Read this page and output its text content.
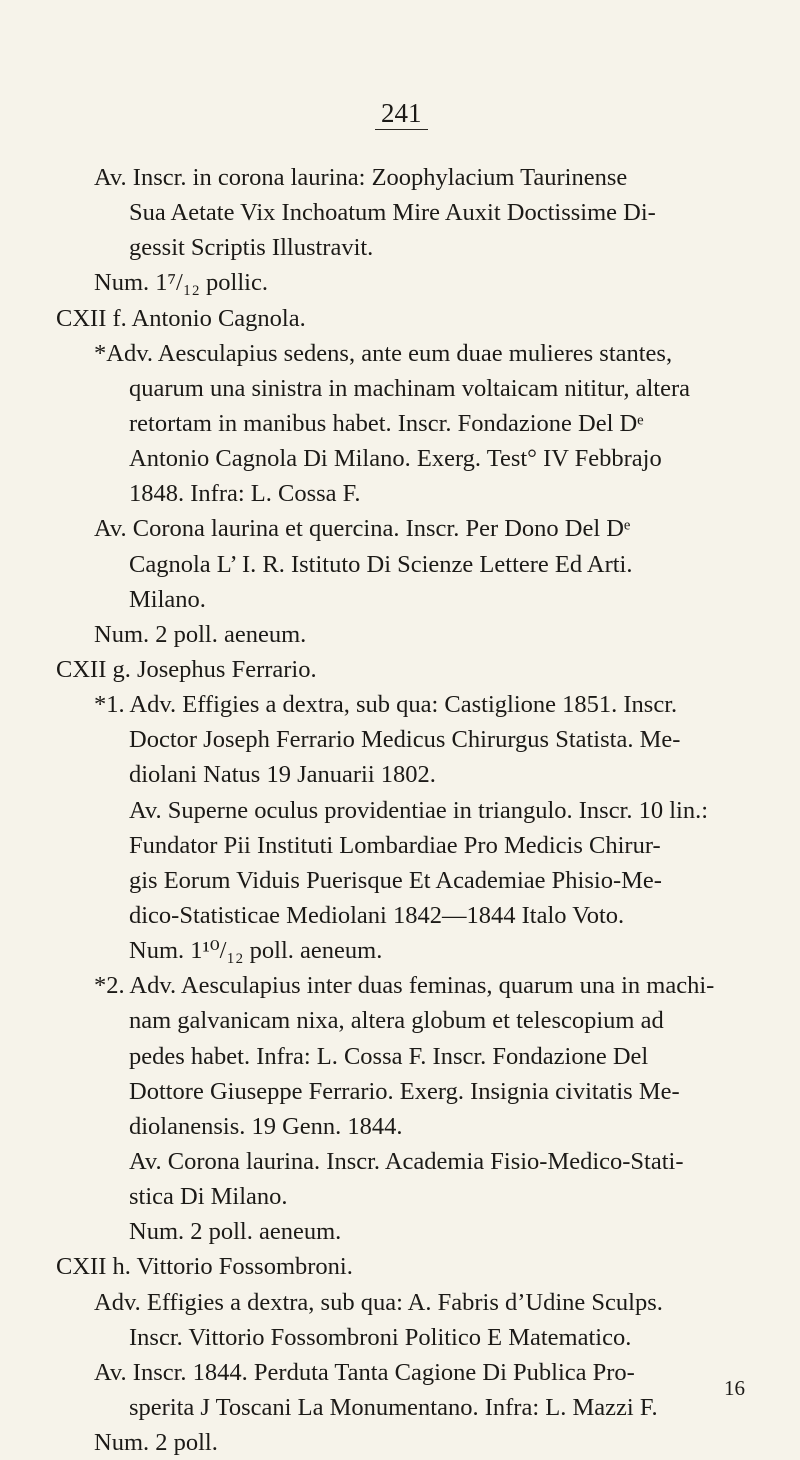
241
Av. Inscr. in corona laurina: Zoophylacium Taurinense
Sua Aetate Vix Inchoatum Mire Auxit Doctissime Di-
gessit Scriptis Illustravit.
Num. 1⁷/₁₂ pollic.
CXII f. Antonio Cagnola.
*Adv. Aesculapius sedens, ante eum duae mulieres stantes,
quarum una sinistra in machinam voltaicam nititur, altera
retortam in manibus habet. Inscr. Fondazione Del Dᵉ
Antonio Cagnola Di Milano. Exerg. Test° IV Febbrajo
1848. Infra: L. Cossa F.
Av. Corona laurina et quercina. Inscr. Per Dono Del Dᵉ
Cagnola L’ I. R. Istituto Di Scienze Lettere Ed Arti.
Milano.
Num. 2 poll. aeneum.
CXII g. Josephus Ferrario.
*1. Adv. Effigies a dextra, sub qua: Castiglione 1851. Inscr.
Doctor Joseph Ferrario Medicus Chirurgus Statista. Me-
diolani Natus 19 Januarii 1802.
Av. Superne oculus providentiae in triangulo. Inscr. 10 lin.:
Fundator Pii Instituti Lombardiae Pro Medicis Chirur-
gis Eorum Viduis Puerisque Et Academiae Phisio-Me-
dico-Statisticae Mediolani 1842—1844 Italo Voto.
Num. 1¹⁰/₁₂ poll. aeneum.
*2. Adv. Aesculapius inter duas feminas, quarum una in machi-
nam galvanicam nixa, altera globum et telescopium ad
pedes habet. Infra: L. Cossa F. Inscr. Fondazione Del
Dottore Giuseppe Ferrario. Exerg. Insignia civitatis Me-
diolanensis. 19 Genn. 1844.
Av. Corona laurina. Inscr. Academia Fisio-Medico-Stati-
stica Di Milano.
Num. 2 poll. aeneum.
CXII h. Vittorio Fossombroni.
Adv. Effigies a dextra, sub qua: A. Fabris d’Udine Sculps.
Inscr. Vittorio Fossombroni Politico E Matematico.
Av. Inscr. 1844. Perduta Tanta Cagione Di Publica Pro-
sperita J Toscani La Monumentano. Infra: L. Mazzi F.
Num. 2 poll.
16
